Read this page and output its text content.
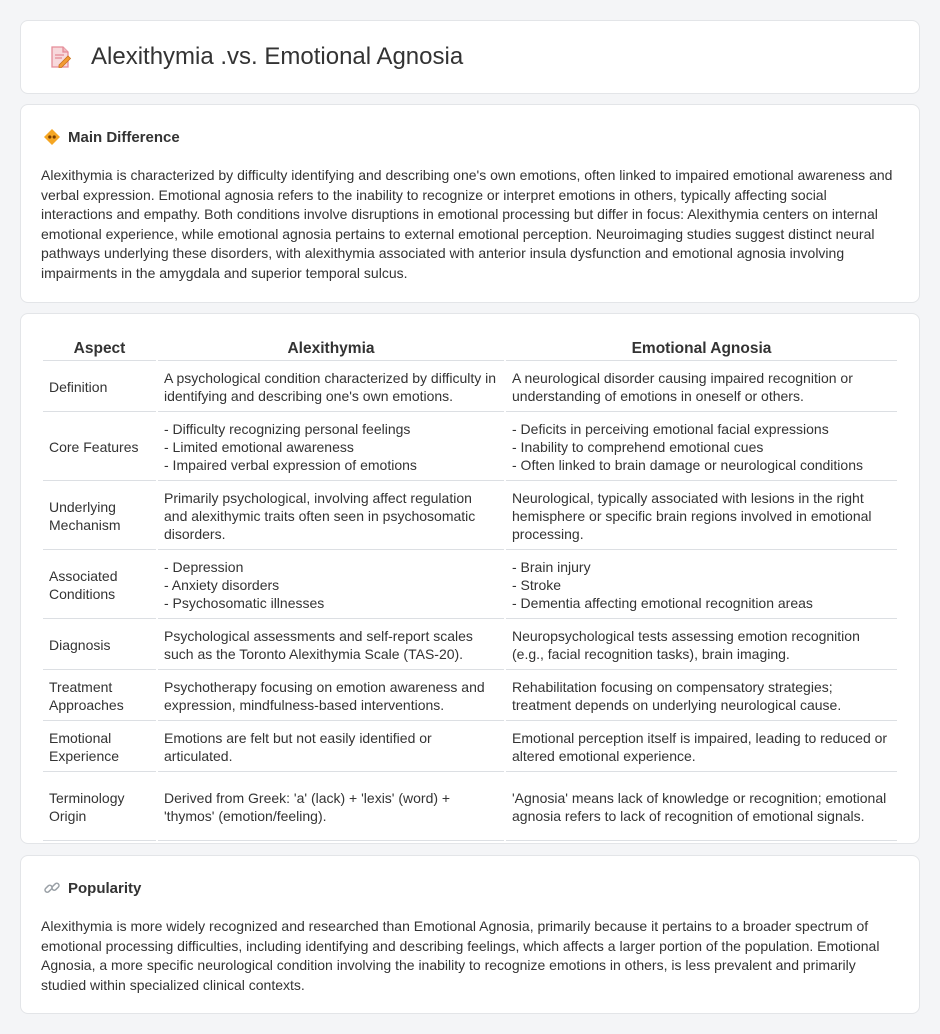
Alexithymia .vs. Emotional Agnosia
Main Difference

Alexithymia is characterized by difficulty identifying and describing one's own emotions, often linked to impaired emotional awareness and verbal expression. Emotional agnosia refers to the inability to recognize or interpret emotions in others, typically affecting social interactions and empathy. Both conditions involve disruptions in emotional processing but differ in focus: Alexithymia centers on internal emotional experience, while emotional agnosia pertains to external emotional perception. Neuroimaging studies suggest distinct neural pathways underlying these disorders, with alexithymia associated with anterior insula dysfunction and emotional agnosia involving impairments in the amygdala and superior temporal sulcus.

Aspect	Alexithymia	Emotional Agnosia
Definition	A psychological condition characterized by difficulty in identifying and describing one's own emotions.	A neurological disorder causing impaired recognition or understanding of emotions in oneself or others.

Core Features	- Difficulty recognizing personal feelings
- Limited emotional awareness
- Impaired verbal expression of emotions	- Deficits in perceiving emotional facial expressions
- Inability to comprehend emotional cues
- Often linked to brain damage or neurological conditions

Underlying Mechanism	Primarily psychological, involving affect regulation and alexithymic traits often seen in psychosomatic disorders.	Neurological, typically associated with lesions in the right hemisphere or specific brain regions involved in emotional processing.

Associated Conditions	- Depression
- Anxiety disorders
- Psychosomatic illnesses	- Brain injury
- Stroke
- Dementia affecting emotional recognition areas

Diagnosis	Psychological assessments and self-report scales such as the Toronto Alexithymia Scale (TAS-20).	Neuropsychological tests assessing emotion recognition (e.g., facial recognition tasks), brain imaging.

Treatment Approaches	Psychotherapy focusing on emotion awareness and expression, mindfulness-based interventions.	Rehabilitation focusing on compensatory strategies; treatment depends on underlying neurological cause.

Emotional Experience	Emotions are felt but not easily identified or articulated.	Emotional perception itself is impaired, leading to reduced or altered emotional experience.

Terminology Origin	Derived from Greek: 'a' (lack) + 'lexis' (word) + 'thymos' (emotion/feeling).	'Agnosia' means lack of knowledge or recognition; emotional agnosia refers to lack of recognition of emotional signals.
Popularity

Alexithymia is more widely recognized and researched than Emotional Agnosia, primarily because it pertains to a broader spectrum of emotional processing difficulties, including identifying and describing feelings, which affects a larger portion of the population. Emotional Agnosia, a more specific neurological condition involving the inability to recognize emotions in others, is less prevalent and primarily studied within specialized clinical contexts.
